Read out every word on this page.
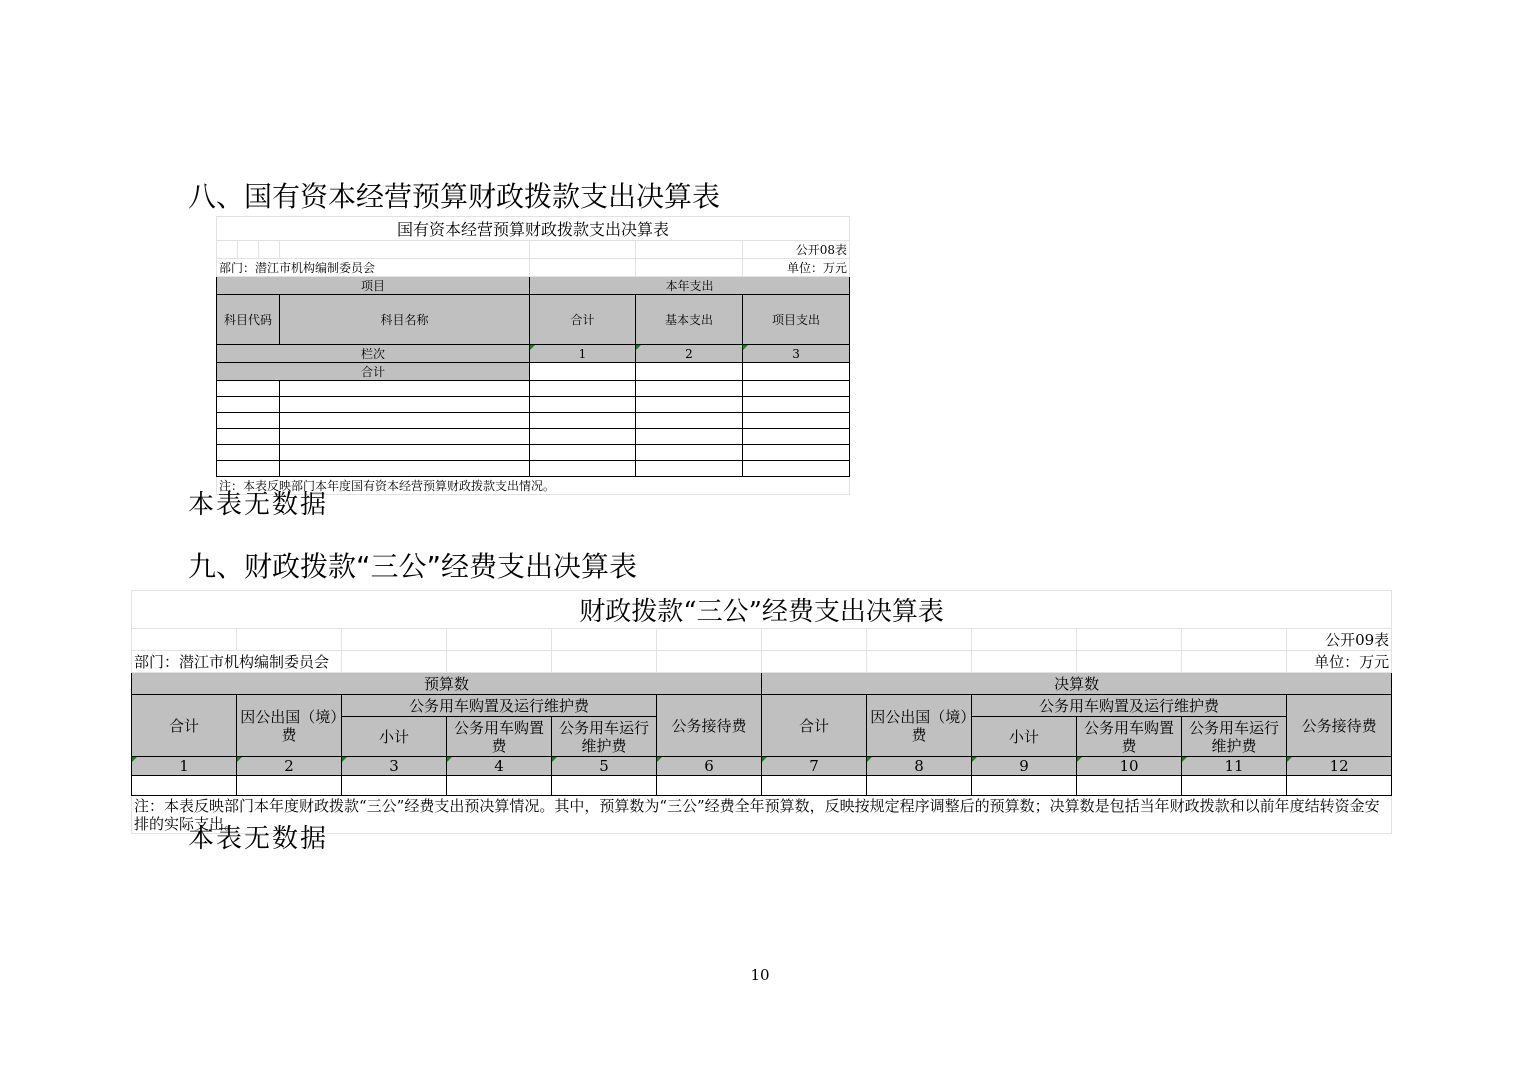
八、国有资本经营预算财政拨款支出决算表
国有资本经营预算财政拨款支出决算表						
						公开08表
部门：潜江市机构编制委员会						单位：万元
项目				本年支出		
科目代码			科目名称	合计	基本支出	项目支出
栏次				1	2	3
合计						

注：本表反映部门本年度国有资本经营预算财政拨款支出情况。						
本表无数据
九、财政拨款“三公”经费支出决算表
财政拨款“三公”经费支出决算表											
											公开09表
部门：潜江市机构编制委员会											单位：万元
预算数						决算数					
合计	因公出国（境）费	公务用车购置及运行维护费			公务接待费	合计	因公出国（境）费	公务用车购置及运行维护费			公务接待费
		小计	公务用车购置费	公务用车运行维护费				小计	公务用车购置费	公务用车运行维护费	
1	2	3	4	5	6	7	8	9	10	11	12

注：本表反映部门本年度财政拨款“三公”经费支出预决算情况。其中，预算数为“三公”经费全年预算数，反映按规定程序调整后的预算数；决算数是包括当年财政拨款和以前年度结转资金安排的实际支出。											
本表无数据
10
